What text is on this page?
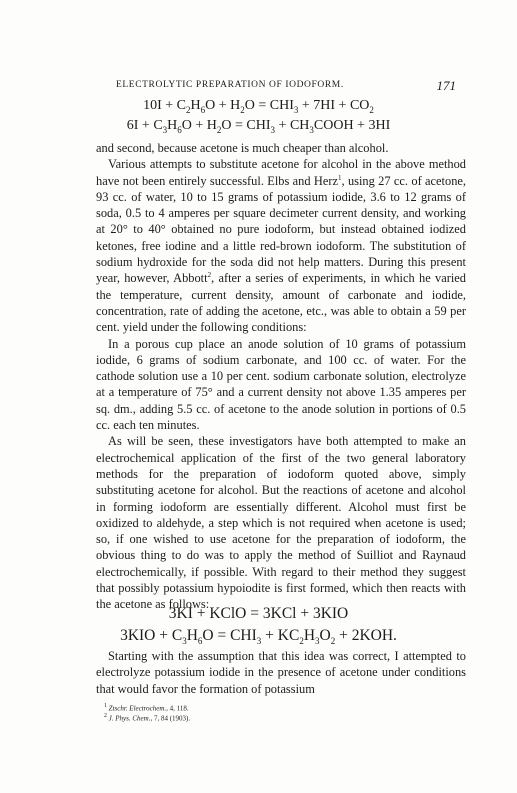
ELECTROLYTIC PREPARATION OF IODOFORM.	171
$10I + C_2H_6O + H_2O = CHI_3 + 7HI + CO_2$
$6I + C_3H_6O + H_2O = CHI_3$ + $CH_3COOH + 3HI$

and second, because acetone is much cheaper than alcohol.

Various attempts to substitute acetone for alcohol in the above method have not been entirely successful. Elbs and Herz$^1$, using 27 cc. of acetone, 93 cc. of water, 10 to 15 grams of potassium iodide, 3.6 to 12 grams of soda, 0.5 to 4 amperes per square decimeter current density, and working at 20° to 40° obtained no pure iodoform, but instead obtained iodized ketones, free iodine and a little red-brown iodoform. The substitution of sodium hydroxide for the soda did not help matters. During this present year, however, Abbott$^2$, after a series of experiments, in which he varied the temperature, current density, amount of carbonate and iodide, concentration, rate of adding the acetone, etc., was able to obtain a 59 per cent. yield under the following conditions:

In a porous cup place an anode solution of 10 grams of potassium iodide, 6 grams of sodium carbonate, and 100 cc. of water. For the cathode solution use a 10 per cent. sodium carbonate solution, electrolyze at a temperature of 75° and a current density not above 1.35 amperes per sq. dm., adding 5.5 cc. of acetone to the anode solution in portions of 0.5 cc. each ten minutes.

As will be seen, these investigators have both attempted to make an electrochemical application of the first of the two general laboratory methods for the preparation of iodoform quoted above, simply substituting acetone for alcohol. But the reactions of acetone and alcohol in forming iodoform are essentially different. Alcohol must first be oxidized to aldehyde, a step which is not required when acetone is used; so, if one wished to use acetone for the preparation of iodoform, the obvious thing to do was to apply the method of Suilliot and Raynaud electrochemically, if possible. With regard to their method they suggest that possibly potassium hypoiodite is first formed, which then reacts with the acetone as follows:

3KI + KClO = 3KCl + 3KIO
$3KIO + C_3H_6O = CHI_3 + KC_2H_3O_2 + 2KOH$.

Starting with the assumption that this idea was correct, I attempted to electrolyze potassium iodide in the presence of acetone under conditions that would favor the formation of potassium

$^1$ Ztschr. Electrochem., 4, 118.
$^2$ J. Phys. Chem., 7, 84 (1903).
